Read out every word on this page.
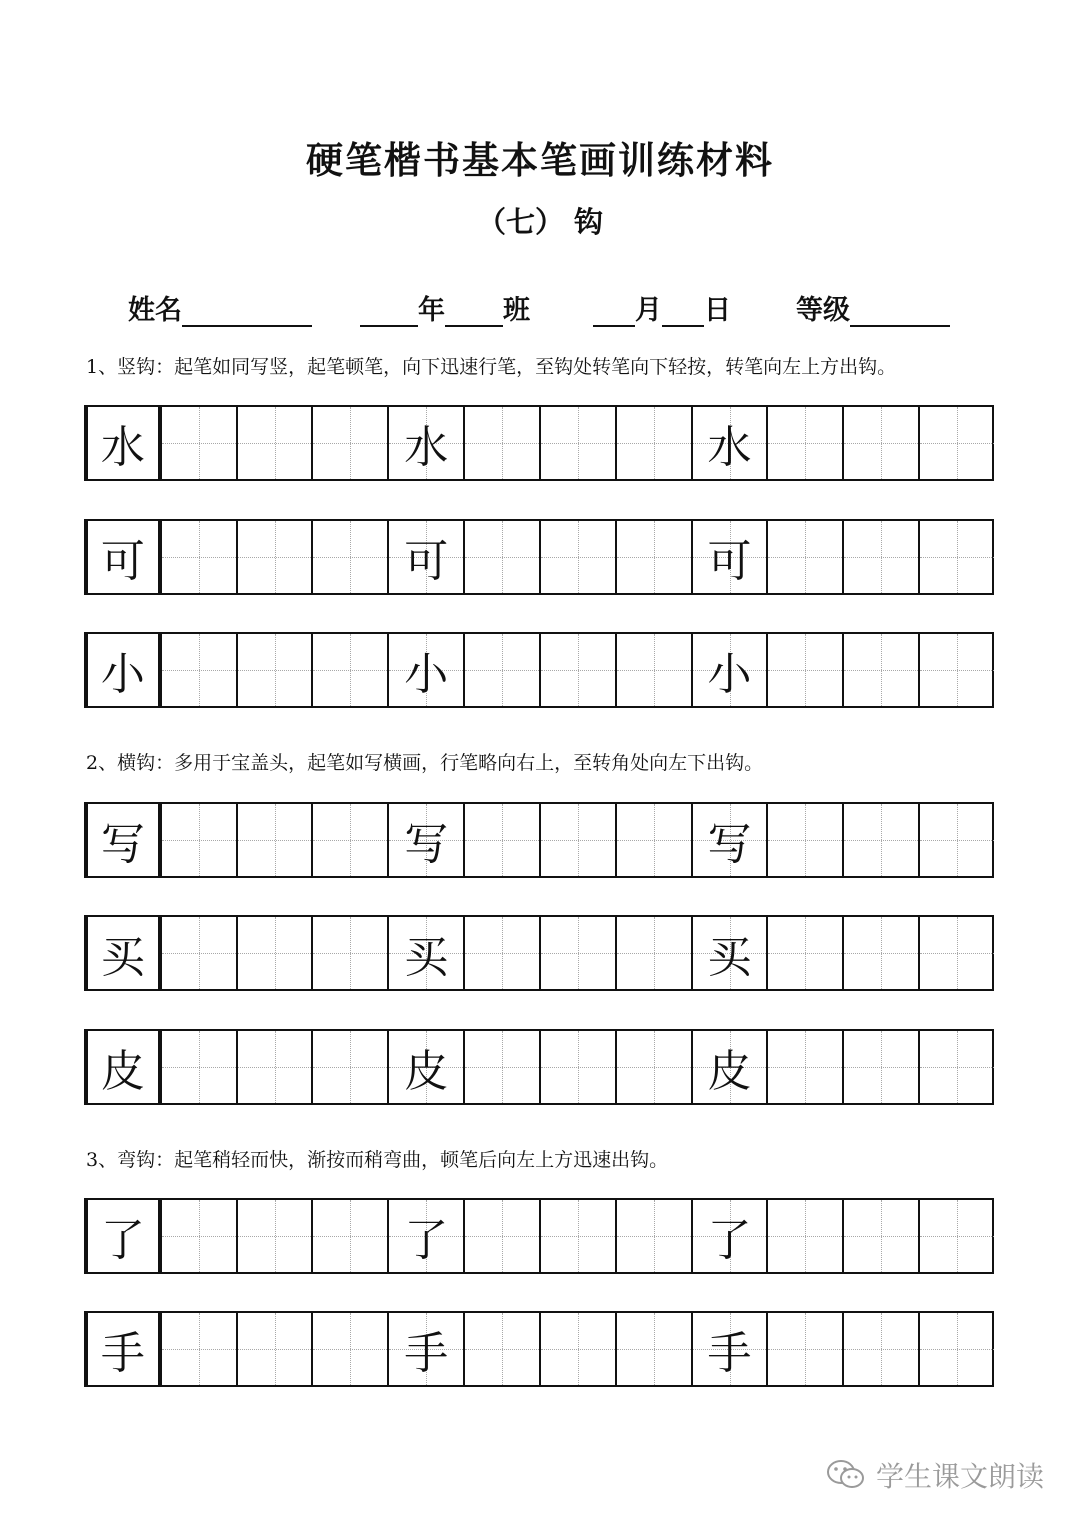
硬笔楷书基本笔画训练材料
（七） 钩
姓名	年 班	月 日 等级
1、竖钩：起笔如同写竖，起笔顿笔，向下迅速行笔，至钩处转笔向下轻按，转笔向左上方出钩。
水	水	水
可	可	可
小	小	小
2、横钩：多用于宝盖头，起笔如写横画，行笔略向右上，至转角处向左下出钩。
写	写	写
买	买	买
皮	皮	皮
3、弯钩：起笔稍轻而快，渐按而稍弯曲，顿笔后向左上方迅速出钩。
了	了	了
手	手	手
学生课文朗读
